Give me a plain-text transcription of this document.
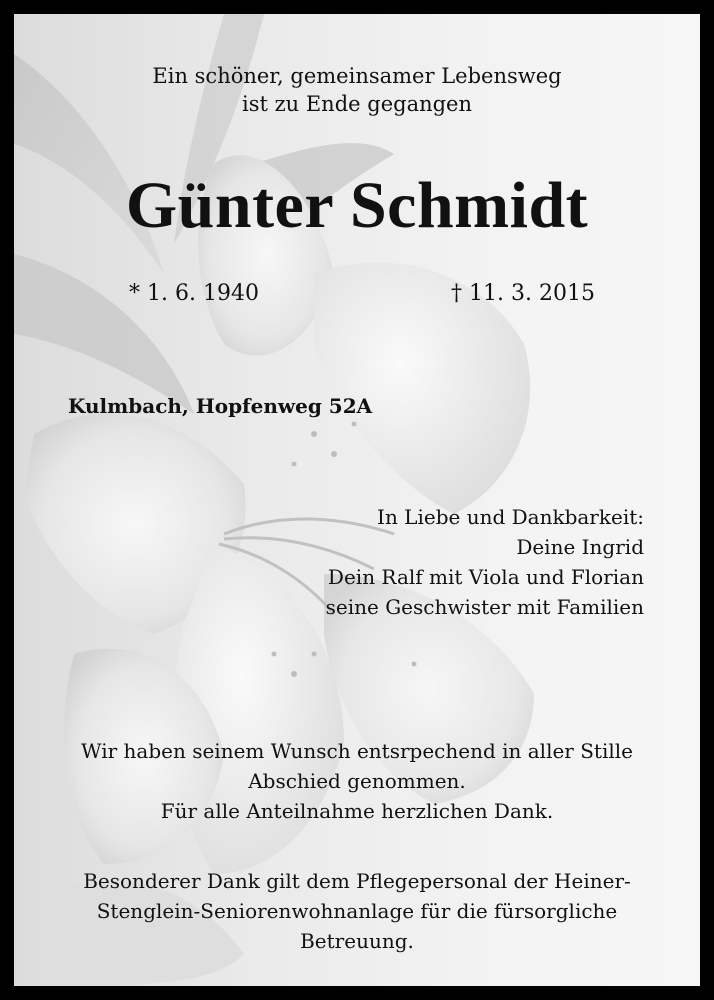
Ein schöner, gemeinsamer Lebensweg
ist zu Ende gegangen

Günter Schmidt
* 1. 6. 1940	† 11. 3. 2015
Kulmbach, Hopfenweg 52A
In Liebe und Dankbarkeit:
Deine Ingrid
Dein Ralf mit Viola und Florian
seine Geschwister mit Familien
Wir haben seinem Wunsch entsrpechend in aller Stille
Abschied genommen.
Für alle Anteilnahme herzlichen Dank.
Besonderer Dank gilt dem Pflegepersonal der Heiner-
Stenglein-Seniorenwohnanlage für die fürsorgliche
Betreuung.
